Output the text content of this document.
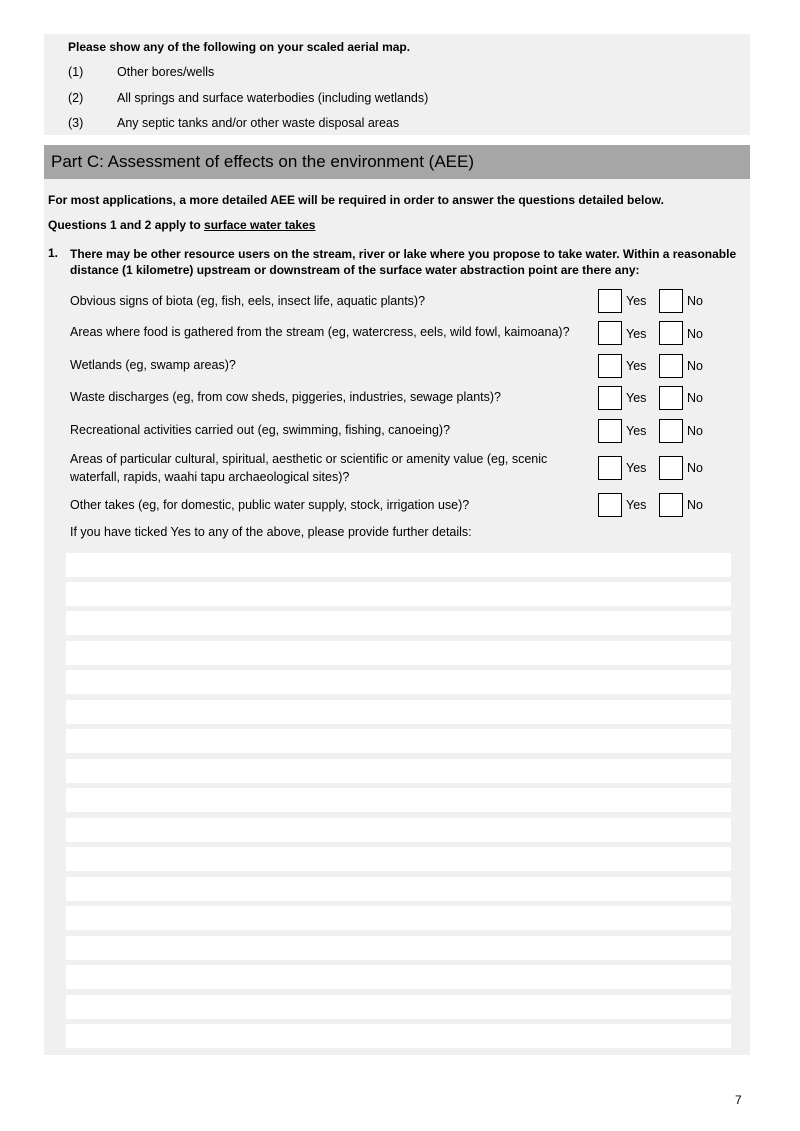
Please show any of the following on your scaled aerial map.
(1)	Other bores/wells
(2)	All springs and surface waterbodies (including wetlands)
(3)	Any septic tanks and/or other waste disposal areas
Part C: Assessment of effects on the environment (AEE)
For most applications, a more detailed AEE will be required in order to answer the questions detailed below.
Questions 1 and 2 apply to surface water takes
1. There may be other resource users on the stream, river or lake where you propose to take water. Within a reasonable distance (1 kilometre) upstream or downstream of the surface water abstraction point are there any:
Obvious signs of biota (eg, fish, eels, insect life, aquatic plants)?	Yes	No
Areas where food is gathered from the stream (eg, watercress, eels, wild fowl, kaimoana)?	Yes	No
Wetlands (eg, swamp areas)?	Yes	No
Waste discharges (eg, from cow sheds, piggeries, industries, sewage plants)?	Yes	No
Recreational activities carried out (eg, swimming, fishing, canoeing)?	Yes	No
Areas of particular cultural, spiritual, aesthetic or scientific or amenity value (eg, scenic waterfall, rapids, waahi tapu archaeological sites)?
Yes	No
Other takes (eg, for domestic, public water supply, stock, irrigation use)?	Yes	No
If you have ticked Yes to any of the above, please provide further details:
7
